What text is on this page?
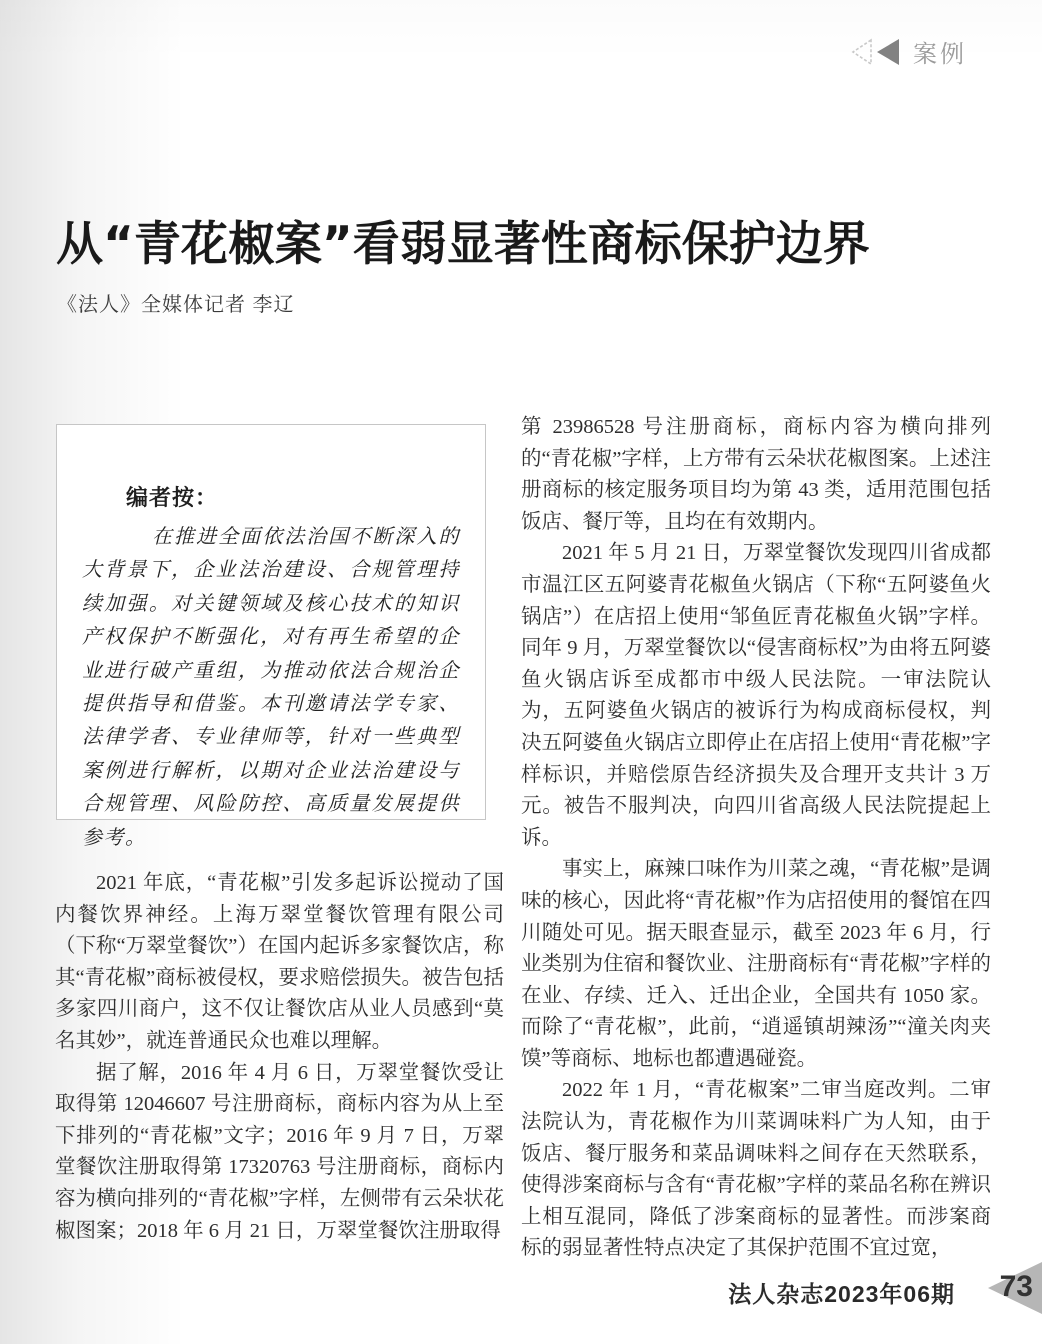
案例
从“青花椒案”看弱显著性商标保护边界
《法人》全媒体记者 李辽
编者按：

在推进全面依法治国不断深入的大背景下，企业法治建设、合规管理持续加强。对关键领域及核心技术的知识产权保护不断强化，对有再生希望的企业进行破产重组，为推动依法合规治企提供指导和借鉴。本刊邀请法学专家、法律学者、专业律师等，针对一些典型案例进行解析，以期对企业法治建设与合规管理、风险防控、高质量发展提供参考。

2021 年底，“青花椒”引发多起诉讼搅动了国内餐饮界神经。上海万翠堂餐饮管理有限公司（下称“万翠堂餐饮”）在国内起诉多家餐饮店，称其“青花椒”商标被侵权，要求赔偿损失。被告包括多家四川商户，这不仅让餐饮店从业人员感到“莫名其妙”，就连普通民众也难以理解。

据了解，2016 年 4 月 6 日，万翠堂餐饮受让取得第 12046607 号注册商标，商标内容为从上至下排列的“青花椒”文字；2016 年 9 月 7 日，万翠堂餐饮注册取得第 17320763 号注册商标，商标内容为横向排列的“青花椒”字样，左侧带有云朵状花椒图案；2018 年 6 月 21 日，万翠堂餐饮注册取得

第 23986528 号注册商标，商标内容为横向排列的“青花椒”字样，上方带有云朵状花椒图案。上述注册商标的核定服务项目均为第 43 类，适用范围包括饭店、餐厅等，且均在有效期内。

2021 年 5 月 21 日，万翠堂餐饮发现四川省成都市温江区五阿婆青花椒鱼火锅店（下称“五阿婆鱼火锅店”）在店招上使用“邹鱼匠青花椒鱼火锅”字样。同年 9 月，万翠堂餐饮以“侵害商标权”为由将五阿婆鱼火锅店诉至成都市中级人民法院。一审法院认为，五阿婆鱼火锅店的被诉行为构成商标侵权，判决五阿婆鱼火锅店立即停止在店招上使用“青花椒”字样标识，并赔偿原告经济损失及合理开支共计 3 万元。被告不服判决，向四川省高级人民法院提起上诉。

事实上，麻辣口味作为川菜之魂，“青花椒”是调味的核心，因此将“青花椒”作为店招使用的餐馆在四川随处可见。据天眼查显示，截至 2023 年 6 月，行业类别为住宿和餐饮业、注册商标有“青花椒”字样的在业、存续、迁入、迁出企业，全国共有 1050 家。而除了“青花椒”，此前，“逍遥镇胡辣汤”“潼关肉夹馍”等商标、地标也都遭遇碰瓷。

2022 年 1 月，“青花椒案”二审当庭改判。二审法院认为，青花椒作为川菜调味料广为人知，由于饭店、餐厅服务和菜品调味料之间存在天然联系，使得涉案商标与含有“青花椒”字样的菜品名称在辨识上相互混同，降低了涉案商标的显著性。而涉案商标的弱显著性特点决定了其保护范围不宜过宽，

法人杂志2023年06期 73
